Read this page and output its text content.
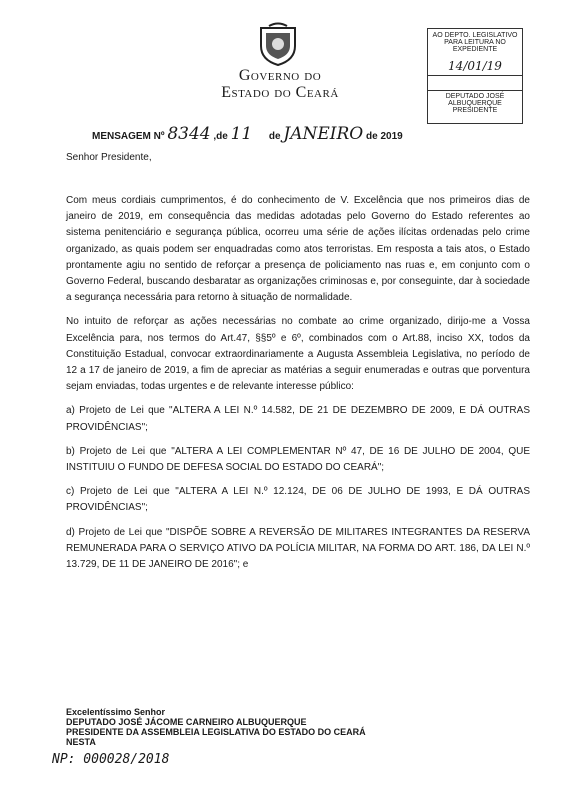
Governo do
Estado do Ceará
AO DEPTO. LEGISLATIVO
PARA LEITURA NO EXPEDIENTE
14/01/19
DEPUTADO JOSÉ ALBUQUERQUE
PRESIDENTE
MENSAGEM Nº 8344 ,de 11 de JANEIRO de 2019
Senhor Presidente,

Com meus cordiais cumprimentos, é do conhecimento de V. Excelência que nos primeiros dias de janeiro de 2019, em consequência das medidas adotadas pelo Governo do Estado referentes ao sistema penitenciário e segurança pública, ocorreu uma série de ações ilícitas ordenadas pelo crime organizado, as quais podem ser enquadradas como atos terroristas. Em resposta a tais atos, o Estado prontamente agiu no sentido de reforçar a presença de policiamento nas ruas e, em conjunto com o Governo Federal, buscando desbaratar as organizações criminosas e, por conseguinte, dar à sociedade a segurança necessária para retorno à situação de normalidade.

No intuito de reforçar as ações necessárias no combate ao crime organizado, dirijo-me a Vossa Excelência para, nos termos do Art.47, §§5º e 6º, combinados com o Art.88, inciso XX, todos da Constituição Estadual, convocar extraordinariamente a Augusta Assembleia Legislativa, no período de 12 a 17 de janeiro de 2019, a fim de apreciar as matérias a seguir enumeradas e outras que porventura sejam enviadas, todas urgentes e de relevante interesse público:

a) Projeto de Lei que "ALTERA A LEI N.º 14.582, DE 21 DE DEZEMBRO DE 2009, E DÁ OUTRAS PROVIDÊNCIAS";

b) Projeto de Lei que "ALTERA A LEI COMPLEMENTAR Nº 47, DE 16 DE JULHO DE 2004, QUE INSTITUIU O FUNDO DE DEFESA SOCIAL DO ESTADO DO CEARÁ";

c) Projeto de Lei que "ALTERA A LEI N.º 12.124, DE 06 DE JULHO DE 1993, E DÁ OUTRAS PROVIDÊNCIAS";

d) Projeto de Lei que "DISPÕE SOBRE A REVERSÃO DE MILITARES INTEGRANTES DA RESERVA REMUNERADA PARA O SERVIÇO ATIVO DA POLÍCIA MILITAR, NA FORMA DO ART. 186, DA LEI N.º 13.729, DE 11 DE JANEIRO DE 2016"; e

Excelentíssimo Senhor
DEPUTADO JOSÉ JÁCOME CARNEIRO ALBUQUERQUE
PRESIDENTE DA ASSEMBLEIA LEGISLATIVA DO ESTADO DO CEARÁ
NESTA
NP: 000028/2018
